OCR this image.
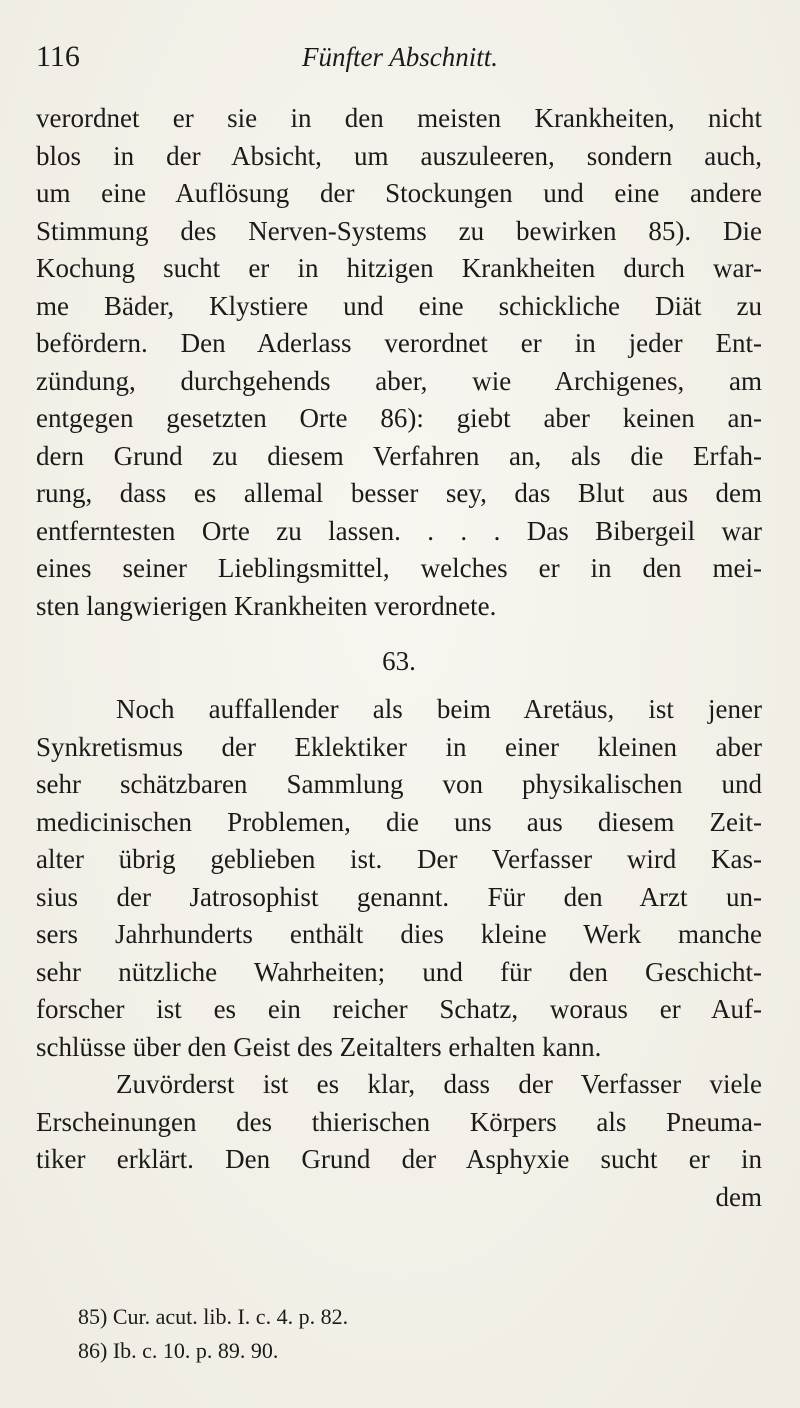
116	Fünfter Abschnitt.
verordnet er sie in den meisten Krankheiten, nicht
blos in der Absicht, um auszuleeren, sondern auch,
um eine Auflösung der Stockungen und eine andere
Stimmung des Nerven-Systems zu bewirken 85). Die
Kochung sucht er in hitzigen Krankheiten durch war-
me Bäder, Klystiere und eine schickliche Diät zu
befördern. Den Aderlass verordnet er in jeder Ent-
zündung, durchgehends aber, wie Archigenes, am
entgegen gesetzten Orte 86): giebt aber keinen an-
dern Grund zu diesem Verfahren an, als die Erfah-
rung, dass es allemal besser sey, das Blut aus dem
entferntesten Orte zu lassen. . . . Das Bibergeil war
eines seiner Lieblingsmittel, welches er in den mei-
sten langwierigen Krankheiten verordnete.
63.
Noch auffallender als beim Aretäus, ist jener
Synkretismus der Eklektiker in einer kleinen aber
sehr schätzbaren Sammlung von physikalischen und
medicinischen Problemen, die uns aus diesem Zeit-
alter übrig geblieben ist. Der Verfasser wird Kas-
sius der Jatrosophist genannt. Für den Arzt un-
sers Jahrhunderts enthält dies kleine Werk manche
sehr nützliche Wahrheiten; und für den Geschicht-
forscher ist es ein reicher Schatz, woraus er Auf-
schlüsse über den Geist des Zeitalters erhalten kann.
Zuvörderst ist es klar, dass der Verfasser viele
Erscheinungen des thierischen Körpers als Pneuma-
tiker erklärt. Den Grund der Asphyxie sucht er in
dem
85) Cur. acut. lib. I. c. 4. p. 82.
86) Ib. c. 10. p. 89. 90.
